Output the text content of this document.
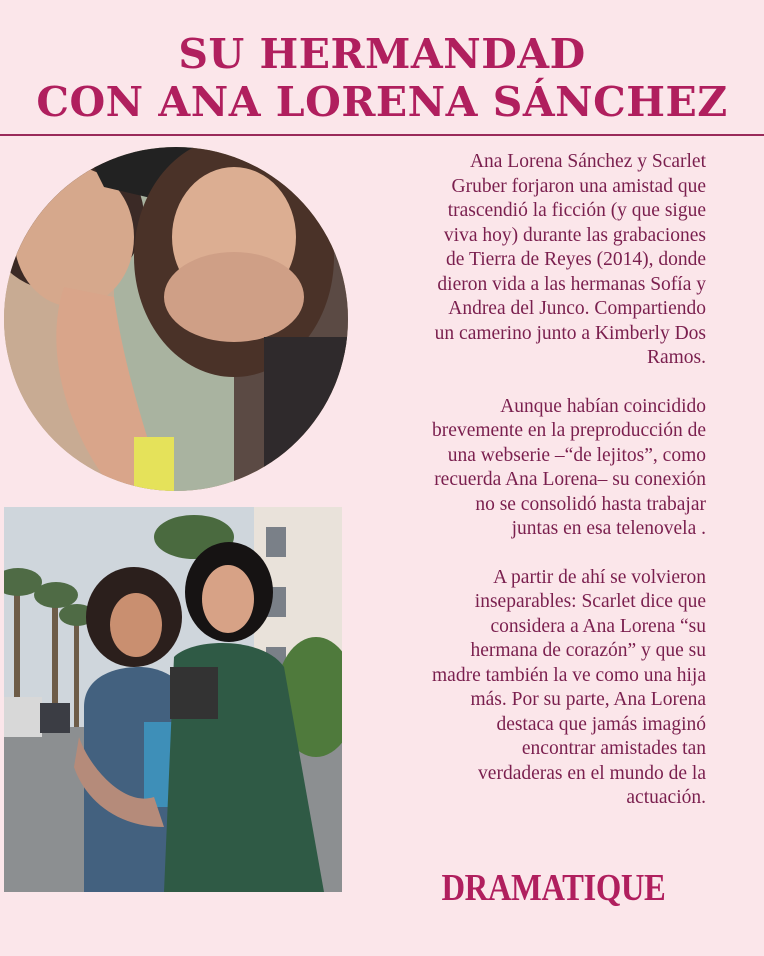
SU HERMANDAD
CON ANA LORENA SÁNCHEZ

Ana Lorena Sánchez y Scarlet
Gruber forjaron una amistad que
trascendió la ficción (y que sigue
viva hoy) durante las grabaciones
de Tierra de Reyes (2014), donde
dieron vida a las hermanas Sofía y
Andrea del Junco. Compartiendo
un camerino junto a Kimberly Dos
Ramos.

Aunque habían coincidido
brevemente en la preproducción de
una webserie –“de lejitos”, como
recuerda Ana Lorena– su conexión
no se consolidó hasta trabajar
juntas en esa telenovela .

A partir de ahí se volvieron
inseparables: Scarlet dice que
considera a Ana Lorena “su
hermana de corazón” y que su
madre también la ve como una hija
más. Por su parte, Ana Lorena
destaca que jamás imaginó
encontrar amistades tan
verdaderas en el mundo de la
actuación.

DRAMATIQUE
